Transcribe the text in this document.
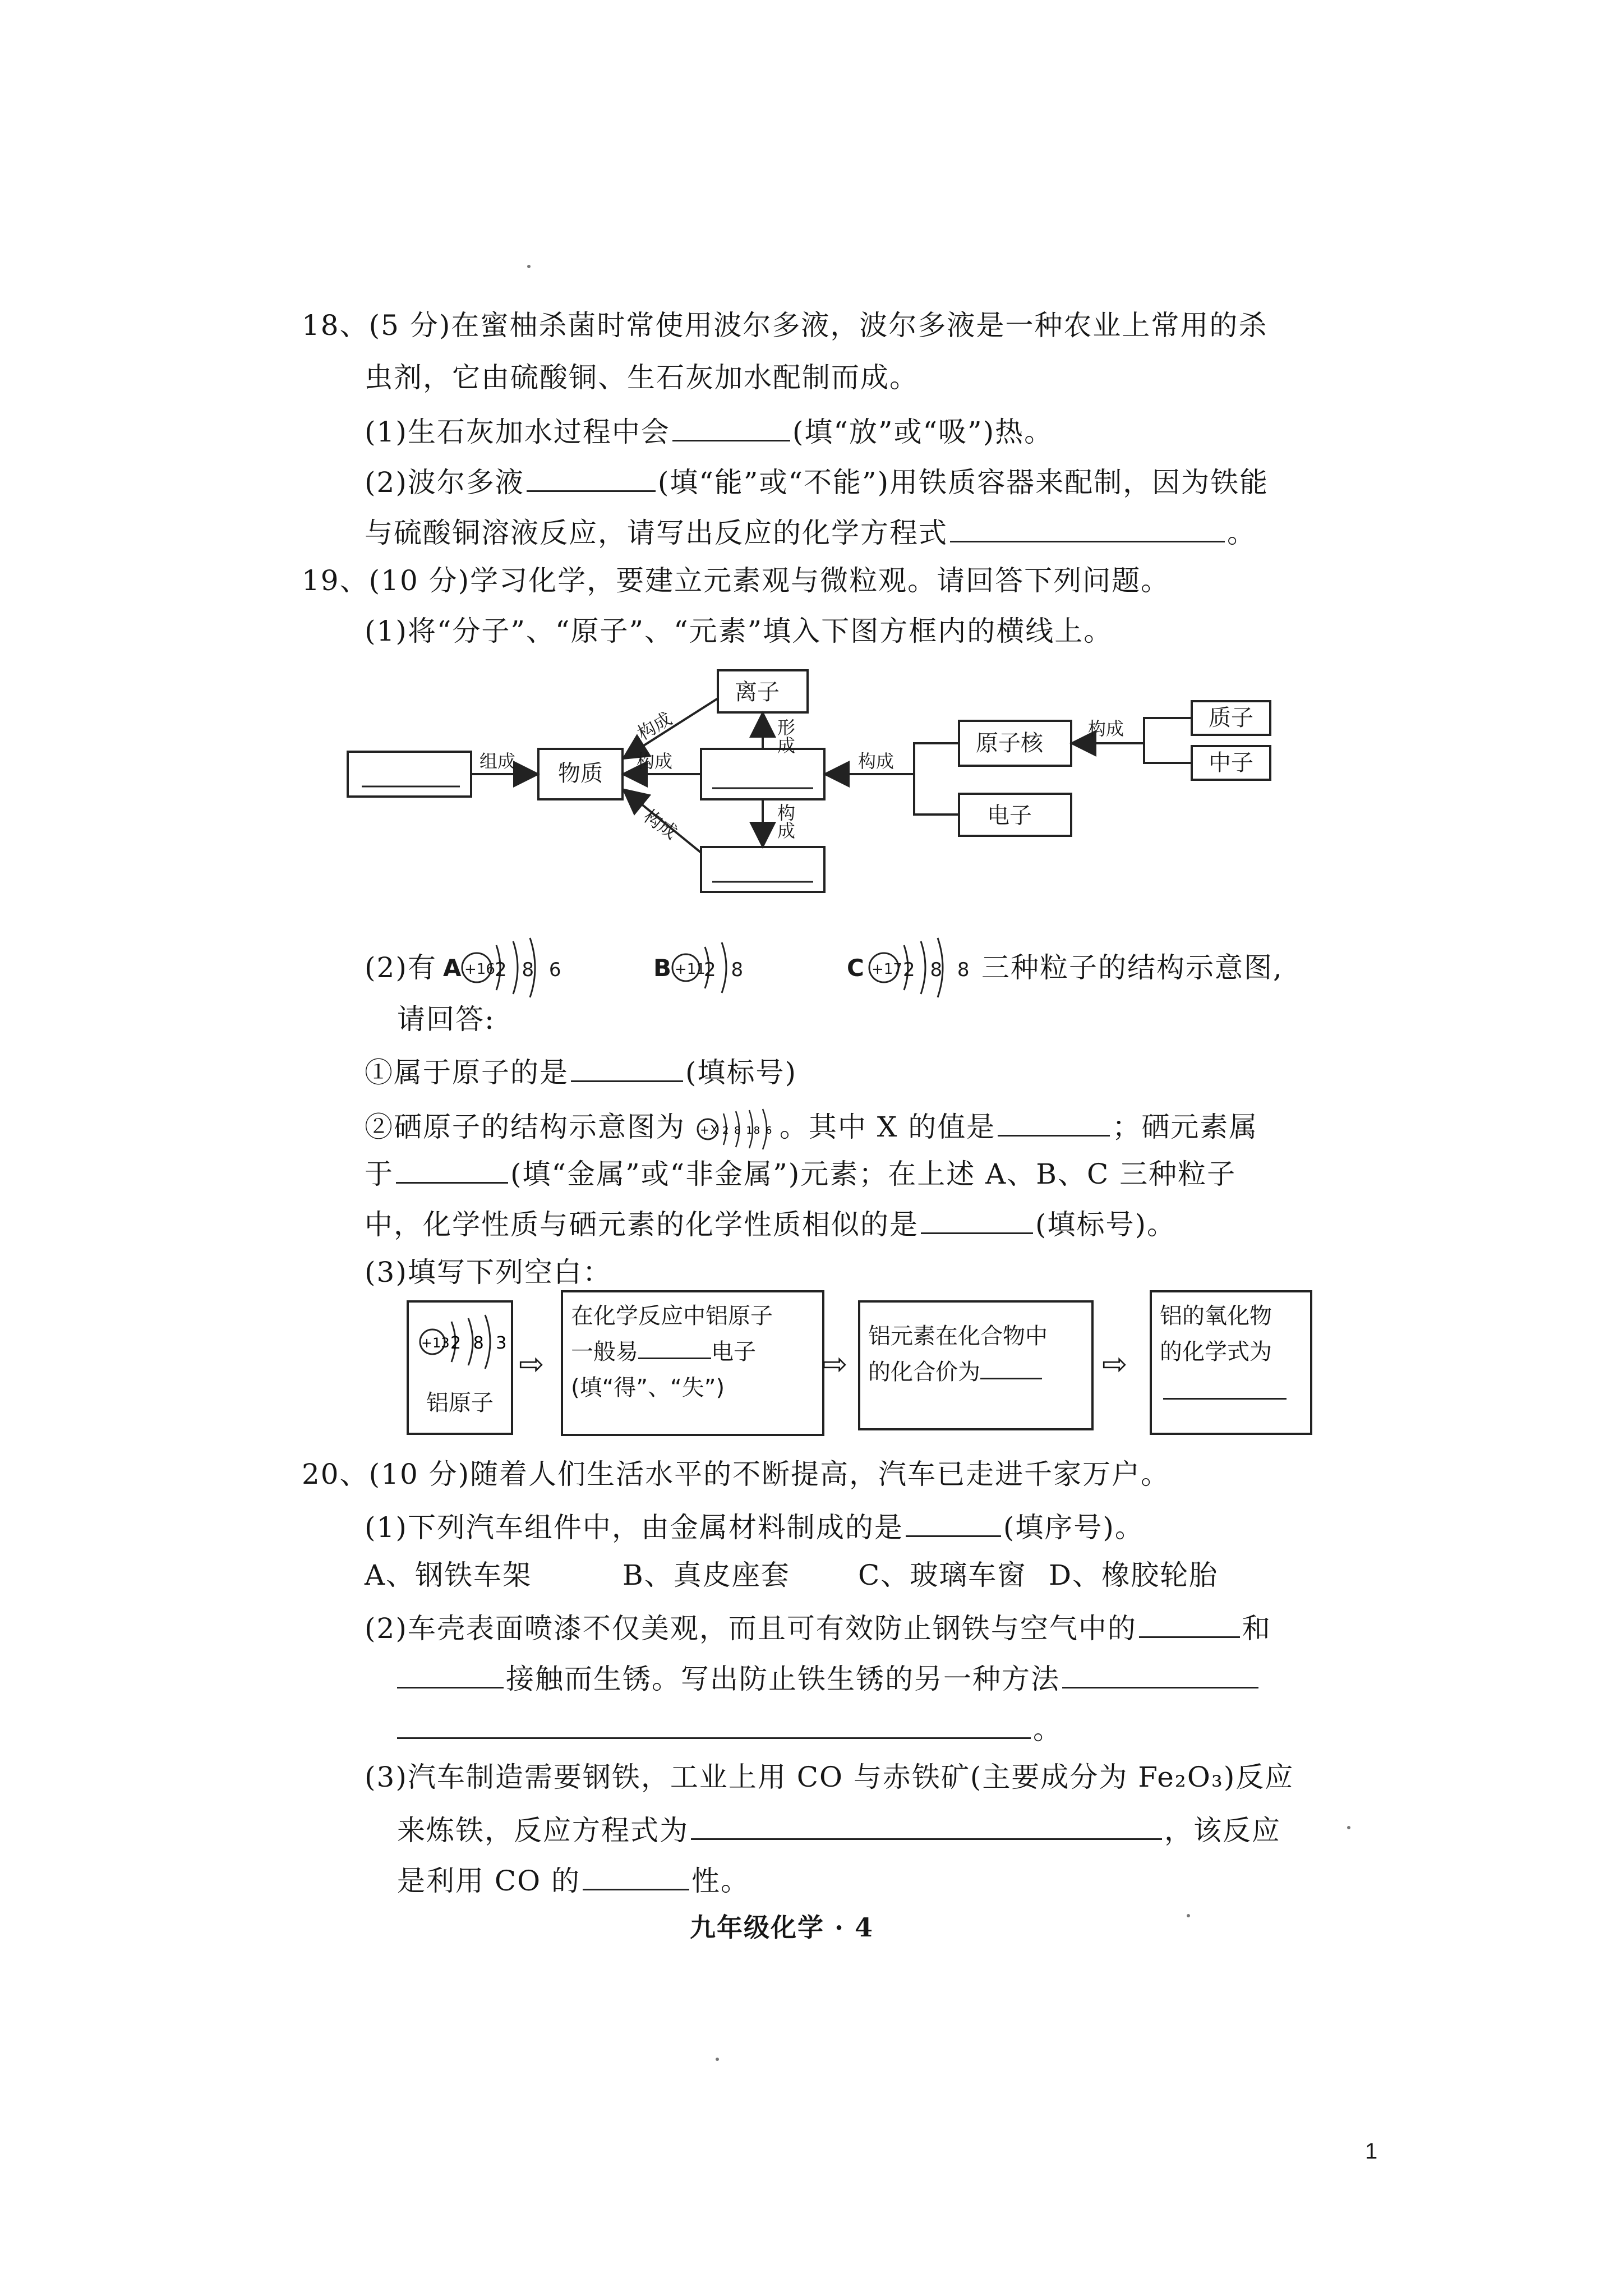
18、(5 分)在蜜柚杀菌时常使用波尔多液，波尔多液是一种农业上常用的杀
虫剂，它由硫酸铜、生石灰加水配制而成。
(1)生石灰加水过程中会	(填“放”或“吸”)热。
(2)波尔多液	(填“能”或“不能”)用铁质容器来配制，因为铁能
与硫酸铜溶液反应，请写出反应的化学方程式	。
19、(10 分)学习化学，要建立元素观与微粒观。请回答下列问题。
(1)将“分子”、“原子”、“元素”填入下图方框内的横线上。
离子
物质
原子核
电子
质子
中子
组成	构成	构成
构成
构成
构成
形成
构成
(2)有 A +16 2 8 6	B +11
2 8	C +17 2 8 8 三种粒子的结构示意图,
请回答:
①属于原子的是	(填标号)
②硒原子的结构示意图为 +X 2 8 18 6 。其中 X 的值是	；硒元素属
于	(填“金属”或“非金属”)元素；在上述 A、B、C 三种粒子
中，化学性质与硒元素的化学性质相似的是	(填标号)。
(3)填写下列空白：
+13 2 8 3
铝原子
⇨
在化学反应中铝原子
一般易	电子
(填“得”、“失”)
⇨
铝元素在化合物中
的化合价为	⇨
铝的氧化物
的化学式为
20、(10 分)随着人们生活水平的不断提高，汽车已走进千家万户。
(1)下列汽车组件中，由金属材料制成的是	(填序号)。
A、钢铁车架	B、真皮座套	C、玻璃车窗 D、橡胶轮胎
(2)车壳表面喷漆不仅美观，而且可有效防止钢铁与空气中的	和
接触而生锈。写出防止铁生锈的另一种方法
。
(3)汽车制造需要钢铁，工业上用 CO 与赤铁矿(主要成分为 Fe₂O₃)反应
来炼铁，反应方程式为	，该反应
是利用 CO 的	性。
九年级化学 · 4
1
